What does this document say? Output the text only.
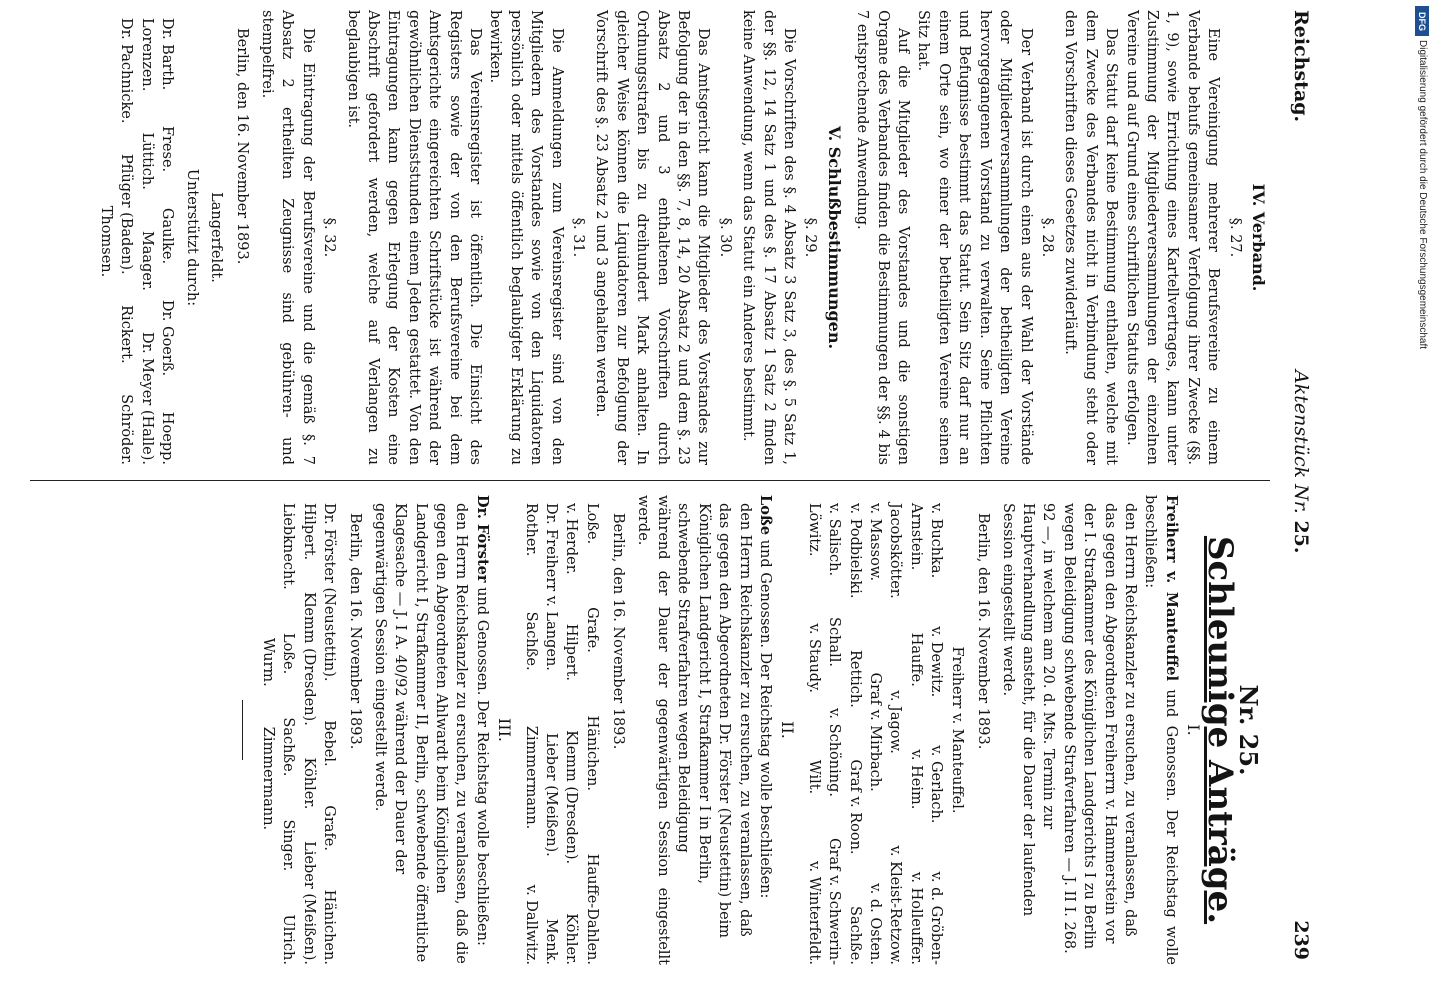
Reichstag.
Aktenstück Nr. 25.
239
IV. Verband.
§. 27.

Eine Vereinigung mehrerer Berufsvereine zu einem Verbande behufs gemeinsamer Verfolgung ihrer Zwecke (§§. 1, 9), sowie Errichtung eines Kartellvertrages, kann unter Zustimmung der Mitgliederversammlungen der einzelnen Vereine und auf Grund eines schriftlichen Statuts erfolgen.

Das Statut darf keine Bestimmung enthalten, welche mit dem Zwecke des Verbandes nicht in Verbindung steht oder den Vorschriften dieses Gesetzes zuwiderläuft.

§. 28.

Der Verband ist durch einen aus der Wahl der Vorstände oder Mitgliederversammlungen der betheiligten Vereine hervorgegangenen Vorstand zu verwalten. Seine Pflichten und Befugnisse bestimmt das Statut. Sein Sitz darf nur an einem Orte sein, wo einer der betheiligten Vereine seinen Sitz hat.

Auf die Mitglieder des Vorstandes und die sonstigen Organe des Verbandes finden die Bestimmungen der §§. 4 bis 7 entsprechende Anwendung.

V. Schlußbestimmungen.
§. 29.

Die Vorschriften des §. 4 Absatz 3 Satz 3, des §. 5 Satz 1, der §§. 12, 14 Satz 1 und des §. 17 Absatz 1 Satz 2 finden keine Anwendung, wenn das Statut ein Anderes bestimmt.

§. 30.

Das Amtsgericht kann die Mitglieder des Vorstandes zur Befolgung der in den §§. 7, 8, 14, 20 Absatz 2 und dem §. 23 Absatz 2 und 3 enthaltenen Vorschriften durch Ordnungsstrafen bis zu dreihundert Mark anhalten. In gleicher Weise können die Liquidatoren zur Befolgung der Vorschrift des §. 23 Absatz 2 und 3 angehalten werden.

§. 31.

Die Anmeldungen zum Vereinsregister sind von den Mitgliedern des Vorstandes sowie von den Liquidatoren persönlich oder mittels öffentlich beglaubigter Erklärung zu bewirken.

Das Vereinsregister ist öffentlich. Die Einsicht des Registers sowie der von den Berufsvereine bei dem Amtsgerichte eingereichten Schriftstücke ist während der gewöhnlichen Dienststunden einem Jeden gestattet. Von den Eintragungen kann gegen Erlegung der Kosten eine Abschrift gefordert werden, welche auf Verlangen zu beglaubigen ist.

§. 32.

Die Eintragung der Berufsvereine und die gemäß §. 7 Absatz 2 ertheilten Zeugnisse sind gebühren- und stempelfrei.

Berlin, den 16. November 1893.

Langerfeldt.
Unterstützt durch:
Dr. Barth.
Frese.
Gaulke.
Dr. Goerß.
Hoepp.
Lorenzen.
Lüttich.
Maager.
Dr. Meyer (Halle).
Dr. Pachnicke.
Pflüger (Baden).
Rickert.
Schröder.
Thomsen.
Nr. 25.
Schleunige Anträge.
I.

Freiherr v. Manteuffel und Genossen. Der Reichstag wolle beschließen:

den Herrn Reichskanzler zu ersuchen, zu veranlassen, daß das gegen den Abgeordneten Freiherrn v. Hammerstein vor der I. Strafkammer des Königlichen Landgerichts I zu Berlin wegen Beleidigung schwebende Strafverfahren — J. II I. 268. 92 —, in welchem am 20. d. Mts. Termin zur Hauptverhandlung ansteht, für die Dauer der laufenden Session eingestellt werde.

Berlin, den 16. November 1893.

Freiherr v. Manteuffel.
v. Buchka.
v. Dewitz.
v. Gerlach.
v. d. Gröben-
Arnstein.
Hauffe.
v. Heim.
v. Holleuffer.
Jacobskötter.
v. Jagow.
v. Kleist-Retzow.
v. Massow.
Graf v. Mirbach.
v. d. Osten.
v. Podbielski.
Rettich.
Graf v. Roon.
Sachße.
v. Salisch.
Schall.
v. Schöning.
Graf v. Schwerin-
Löwitz.
v. Staudy.
Wilt.
v. Winterfeldt.
II.

Loße und Genossen. Der Reichstag wolle beschließen:

den Herrn Reichskanzler zu ersuchen, zu veranlassen, daß das gegen den Abgeordneten Dr. Förster (Neustettin) beim Königlichen Landgericht I, Strafkammer I in Berlin, schwebende Strafverfahren wegen Beleidigung

während der Dauer der gegenwärtigen Session eingestellt werde.

Berlin, den 16. November 1893.

Loße.
Grafe.
Hänichen.
Hauffe-Dahlen.
v. Herder.
Hilpert.
Klemm (Dresden).
Köhler.
Dr. Freiherr v. Langen.
Lieber (Meißen).
Menk.
Rother.
Sachße.
Zimmermann.
v. Dallwitz.
III.

Dr. Förster und Genossen. Der Reichstag wolle beschließen:

den Herrn Reichskanzler zu ersuchen, zu veranlassen, daß die gegen den Abgeordneten Ahlwardt beim Königlichen Landgericht I, Strafkammer II, Berlin, schwebende öffentliche Klagesache — J. I A. 40/92 während der Dauer der gegenwärtigen Session eingestellt werde.

Berlin, den 16. November 1893.

Dr. Förster (Neustettin).
Bebel.
Grafe.
Hänichen.
Hilpert.
Klemm (Dresden).
Köhler.
Lieber (Meißen).
Liebknecht.
Loße.
Sachße.
Singer.
Ulrich.
Wurm.
Zimmermann.
DFG
Digitalisierung gefördert durch die Deutsche Forschungsgemeinschaft
